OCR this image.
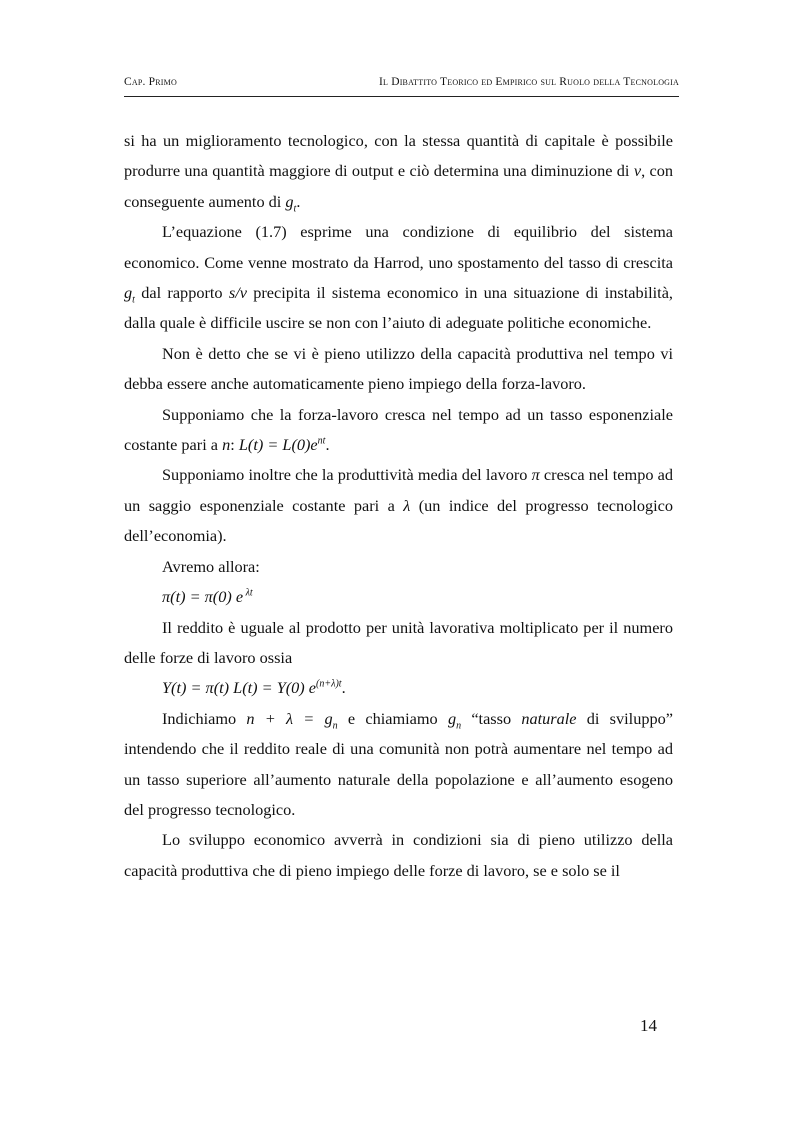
Cap. Primo	Il Dibattito Teorico ed Empirico sul Ruolo della Tecnologia

si ha un miglioramento tecnologico, con la stessa quantità di capitale è possibile produrre una quantità maggiore di output e ciò determina una diminuzione di v, con conseguente aumento di $g_t$.

L’equazione (1.7) esprime una condizione di equilibrio del sistema economico. Come venne mostrato da Harrod, uno spostamento del tasso di crescita $g_t$ dal rapporto s/v precipita il sistema economico in una situazione di instabilità, dalla quale è difficile uscire se non con l’aiuto di adeguate politiche economiche.

Non è detto che se vi è pieno utilizzo della capacità produttiva nel tempo vi debba essere anche automaticamente pieno impiego della forza-lavoro.

Supponiamo che la forza-lavoro cresca nel tempo ad un tasso esponenziale costante pari a n: $L(t) = L(0)e^{nt}$.

Supponiamo inoltre che la produttività media del lavoro π cresca nel tempo ad un saggio esponenziale costante pari a λ (un indice del progresso tecnologico dell’economia).

Avremo allora:

π(t) = π(0) e $^{\lambda t}$

Il reddito è uguale al prodotto per unità lavorativa moltiplicato per il numero delle forze di lavoro ossia

Y(t) = π(t) L(t) = Y(0) $e^{(n+\lambda)t}$.

Indichiamo $n + \lambda = g_n$ e chiamiamo $g_n$ “tasso naturale di sviluppo” intendendo che il reddito reale di una comunità non potrà aumentare nel tempo ad un tasso superiore all’aumento naturale della popolazione e all’aumento esogeno del progresso tecnologico.

Lo sviluppo economico avverrà in condizioni sia di pieno utilizzo della capacità produttiva che di pieno impiego delle forze di lavoro, se e solo se il

14
